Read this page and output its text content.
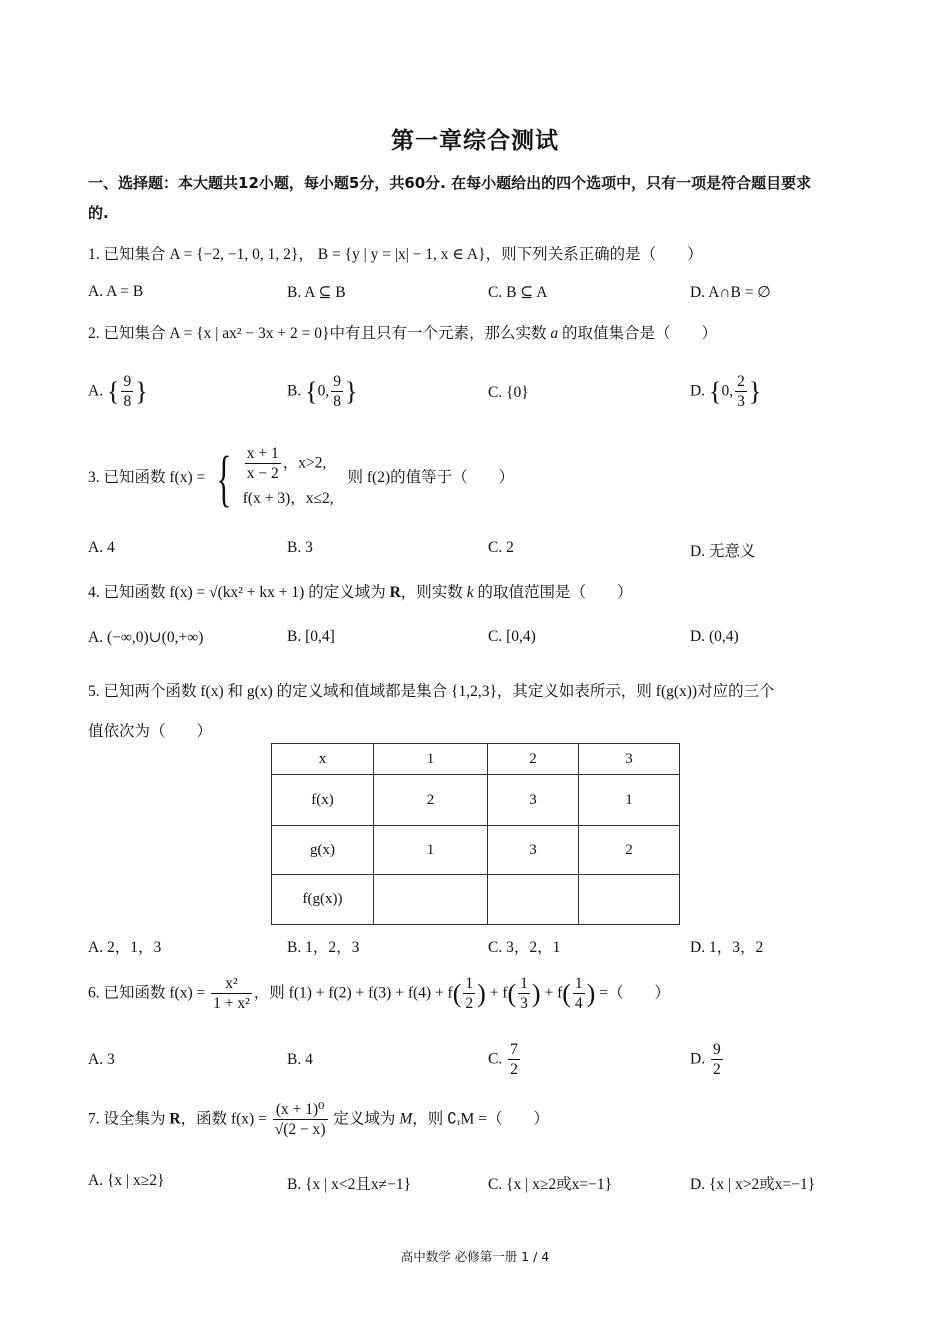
第一章综合测试
一、选择题：本大题共12小题，每小题5分，共60分. 在每小题给出的四个选项中，只有一项是符合题目要求
的.
1. 已知集合 A = {−2, −1, 0, 1, 2}， B = {y | y = |x| − 1, x ∈ A}，则下列关系正确的是（　　）
A. A = B	B. A ⊆ B	C. B ⊆ A	D. A∩B = ∅
2. 已知集合 A = {x | ax² − 3x + 2 = 0}中有且只有一个元素，那么实数 a 的取值集合是（　　）
A. { $\frac{9}{8}$ }	B. {0, $\frac{9}{8}$ }	C. {0}	D. {0, $\frac{2}{3}$ }
3. 已知函数 f(x) = { $\frac{x + 1}{x - 2}$ ，x>2,
f(x + 3)，x≤2,
则 f(2)的值等于（　　）
A. 4	B. 3	C. 2	D. 无意义
4. 已知函数 f(x) = √(kx² + kx + 1) 的定义域为 R，则实数 k 的取值范围是（　　）
A. (−∞,0)∪(0,+∞)	B. [0,4]	C. [0,4)	D. (0,4)
5. 已知两个函数 f(x) 和 g(x) 的定义域和值域都是集合 {1,2,3}，其定义如表所示，则 f(g(x))对应的三个
值依次为（　　）
x	1	2	3
f(x)	2	3	1
g(x)	1	3	2
f(g(x))			
A. 2，1，3	B. 1，2，3	C. 3，2，1	D. 1，3，2
6. 已知函数 $f(x) = \frac{\text{x²}}{\text{1 + x²}}$ ，则 $f(1) + f(2) + f(3) + f(4) + f( \frac{1}{2}$ ) + $f( \frac{1}{3}$ ) + $f( \frac{1}{4}$ ) =（　　）
A. 3	B. 4	C. $\frac{7}{2}$	D. $\frac{9}{2}$
7. 设全集为 R，函数 $f(x) = \frac{\text{(x + 1)⁰}}{√(2 - x)}$ 定义域为 M，则 ∁ᵣM =（　　）
A. {x | x≥2}	B. {x | x<2且x≠−1}	C. {x | x≥2或x=−1}	D. {x | x>2或x=−1}
高中数学 必修第一册 1 / 4
